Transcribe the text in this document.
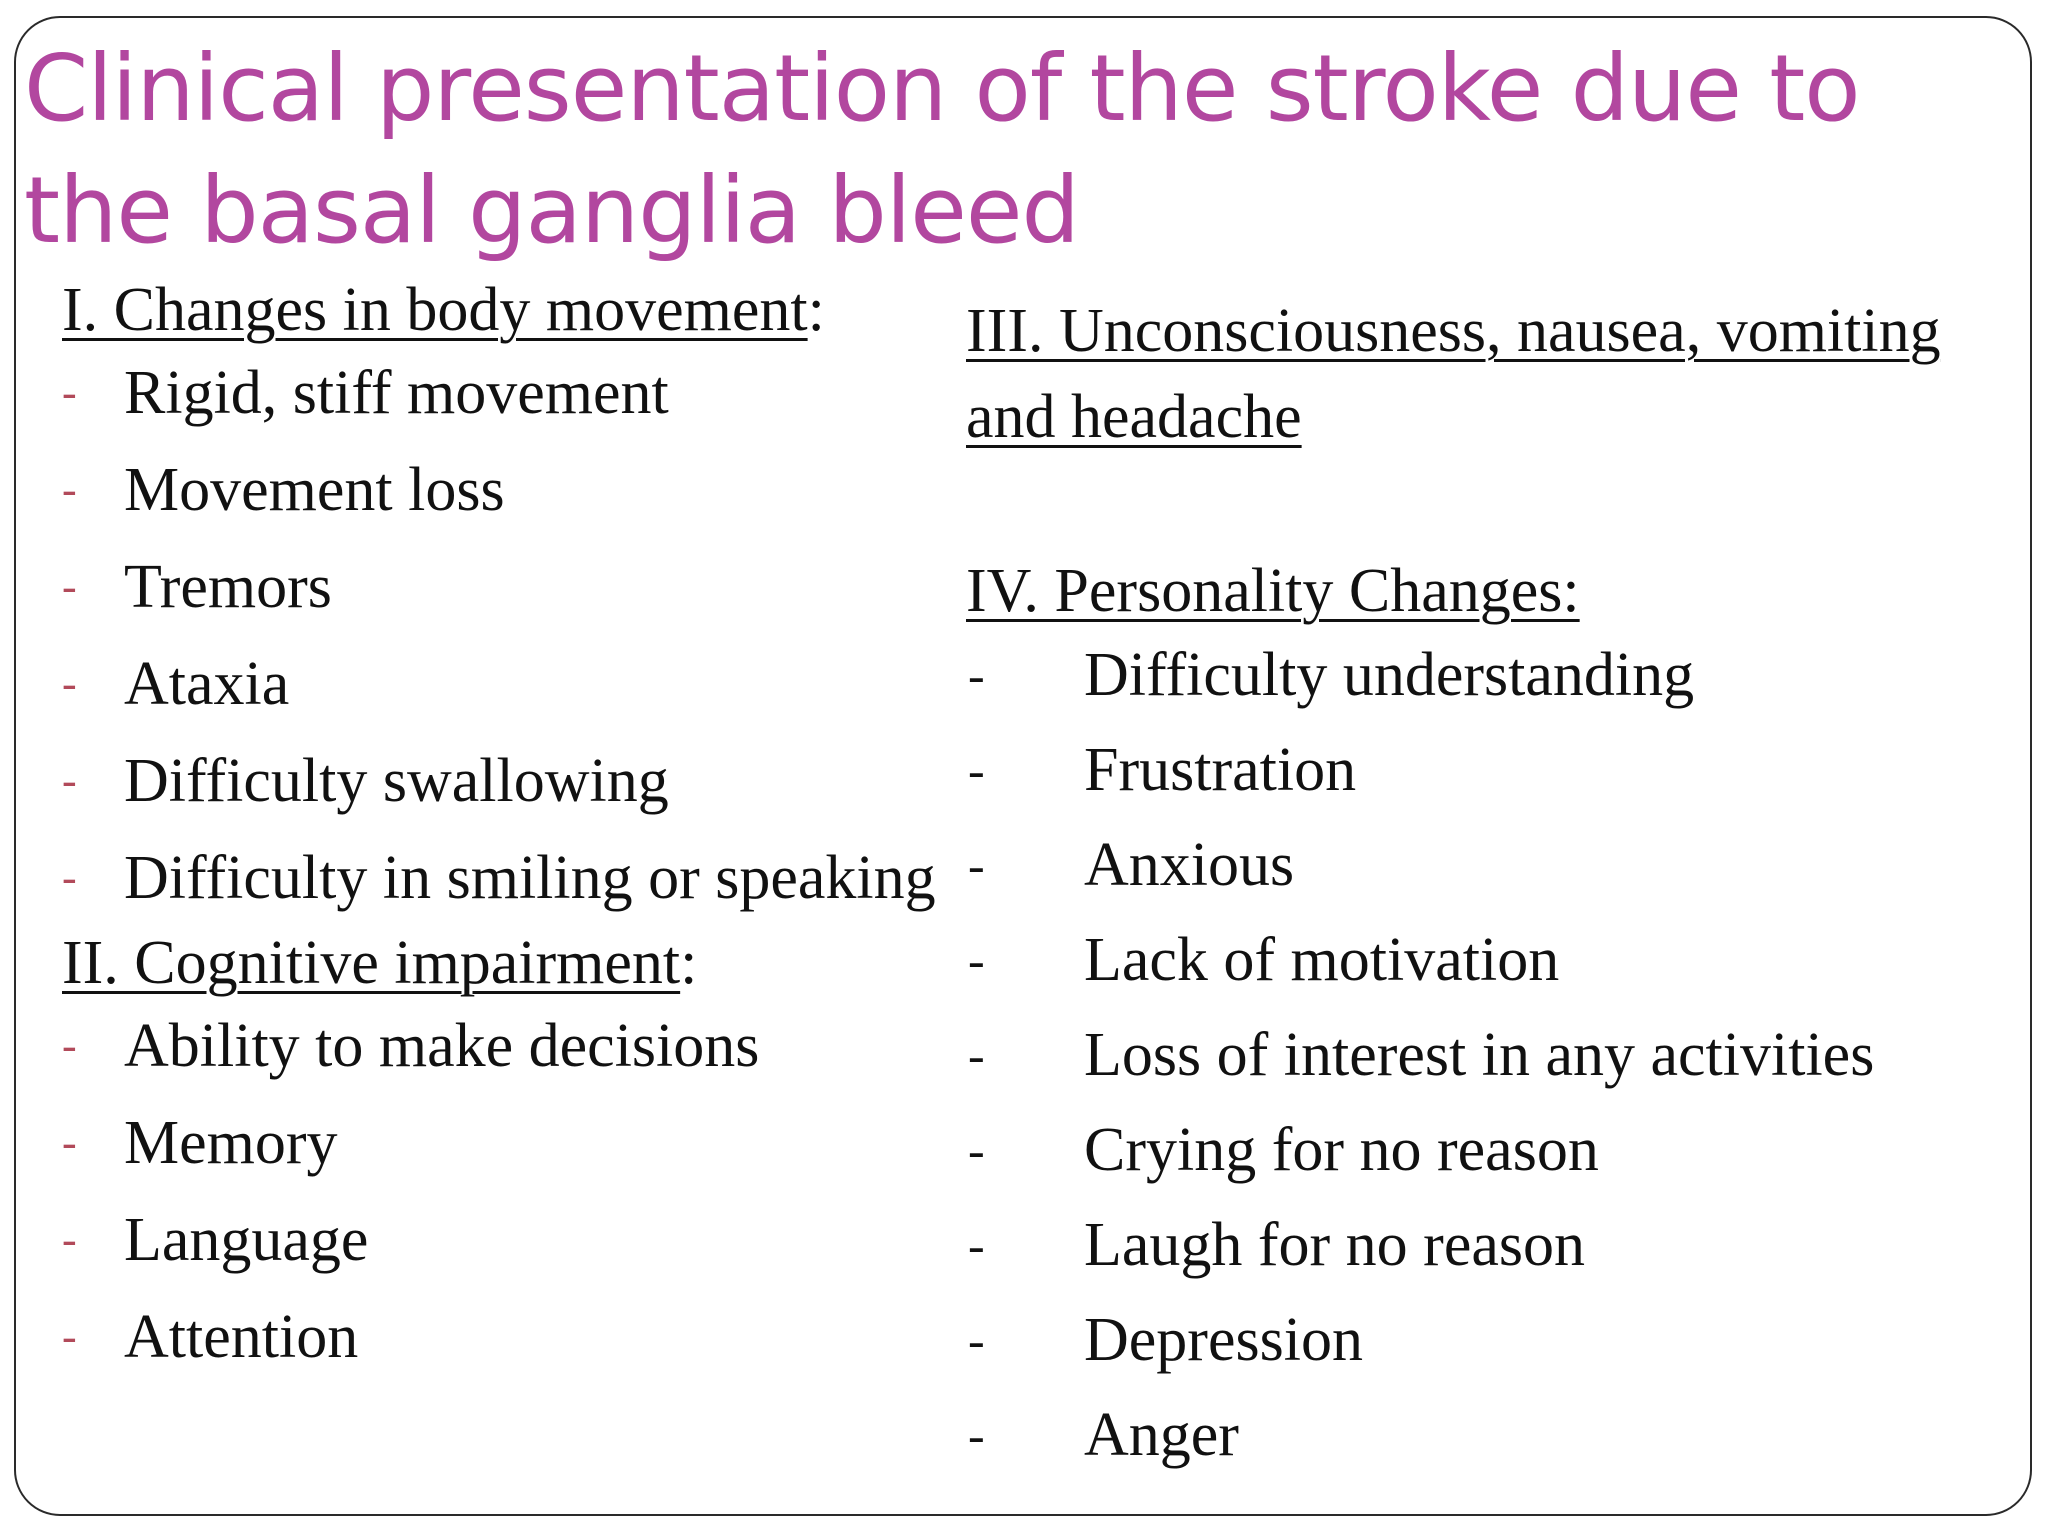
Clinical presentation of the stroke due to the basal ganglia bleed

I. Changes in body movement:

- Rigid, stiff movement
- Movement loss
- Tremors
- Ataxia
- Difficulty swallowing
- Difficulty in smiling or speaking

II. Cognitive impairment:

- Ability to make decisions
- Memory
- Language
- Attention

III. Unconsciousness, nausea, vomiting and headache

IV. Personality Changes:

- Difficulty understanding
- Frustration
- Anxious
- Lack of motivation
- Loss of interest in any activities
- Crying for no reason
- Laugh for no reason
- Depression
- Anger
